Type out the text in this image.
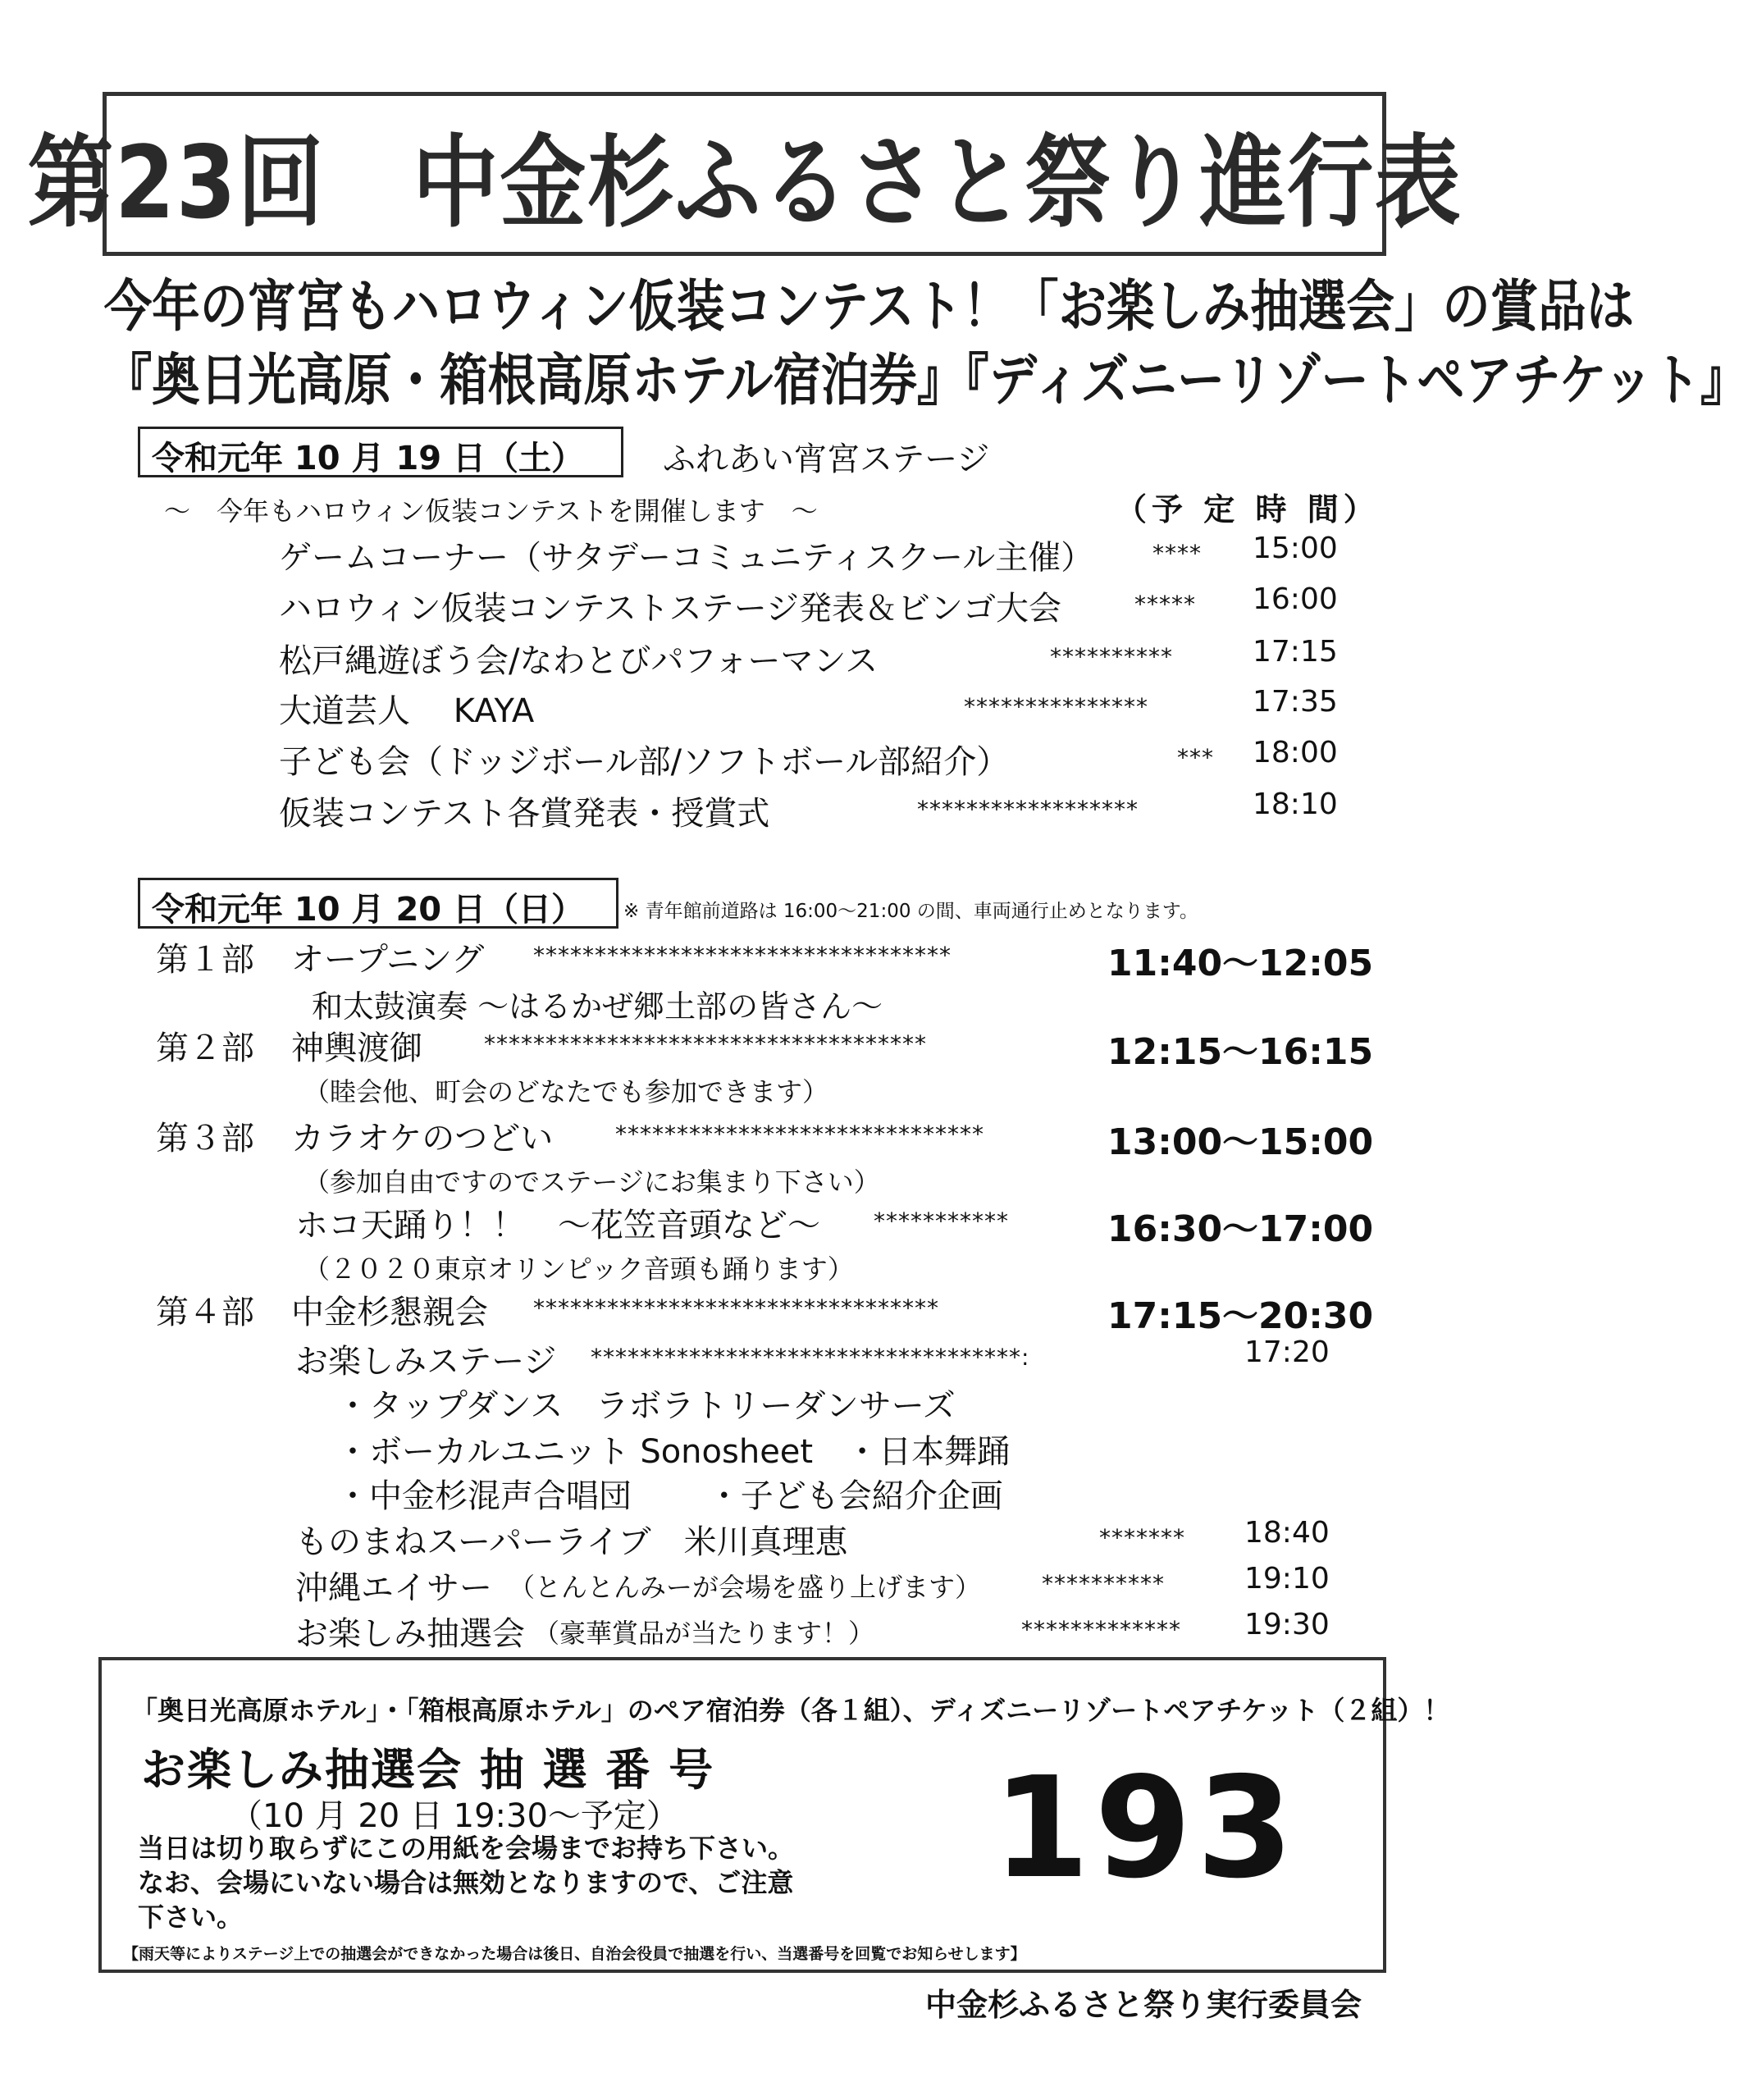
第23回　中金杉ふるさと祭り進行表
今年の宵宮もハロウィン仮装コンテスト！「お楽しみ抽選会」の賞品は
『奥日光高原・箱根高原ホテル宿泊券』『ディズニーリゾートペアチケット』
令和元年 10 月 19 日（土）	ふれあい宵宮ステージ
～　今年もハロウィン仮装コンテストを開催します　～	（予 定 時 間）
ゲームコーナー（サタデーコミュニティスクール主催）	**** 15:00
ハロウィン仮装コンテストステージ発表＆ビンゴ大会	***** 16:00
松戸縄遊ぼう会/なわとびパフォーマンス	**********	17:15
大道芸人　 KAYA	***************	17:35
子ども会（ドッジボール部/ソフトボール部紹介）	*** 18:00
仮装コンテスト各賞発表・授賞式	******************	18:10
令和元年 10 月 20 日（日）	※ 青年館前道路は 16:00～21:00 の間、車両通行止めとなります。
第１部 オープニング **********************************	11:40～12:05
和太鼓演奏 ～はるかぜ郷土部の皆さん～
第２部 神輿渡御	************************************	12:15～16:15
（睦会他、町会のどなたでも参加できます）
第３部 カラオケのつどい	******************************	13:00～15:00
（参加自由ですのでステージにお集まり下さい）
ホコ天踊り！！　～花笠音頭など～ ***********	16:30～17:00
（２０２０東京オリンピック音頭も踊ります）
第４部 中金杉懇親会 *********************************	17:15～20:30
お楽しみステージ ***********************************:	17:20
・タップダンス　ラボラトリーダンサーズ
・ボーカルユニット Sonosheet　・日本舞踊
・中金杉混声合唱団　　 ・子ども会紹介企画
ものまねスーパーライブ　米川真理恵	******* 18:40
沖縄エイサー （とんとんみーが会場を盛り上げます）	**********	19:10
お楽しみ抽選会 （豪華賞品が当たります！）	************* 19:30
「奥日光高原ホテル」・「箱根高原ホテル」のペア宿泊券（各１組）、ディズニーリゾートペアチケット（２組）！
お楽しみ抽選会 抽 選 番 号
（10 月 20 日 19:30～予定）
当日は切り取らずにこの用紙を会場までお持ち下さい。
なお、会場にいない場合は無効となりますので、ご注意
下さい。
193
【雨天等によりステージ上での抽選会ができなかった場合は後日、自治会役員で抽選を行い、当選番号を回覧でお知らせします】
中金杉ふるさと祭り実行委員会
